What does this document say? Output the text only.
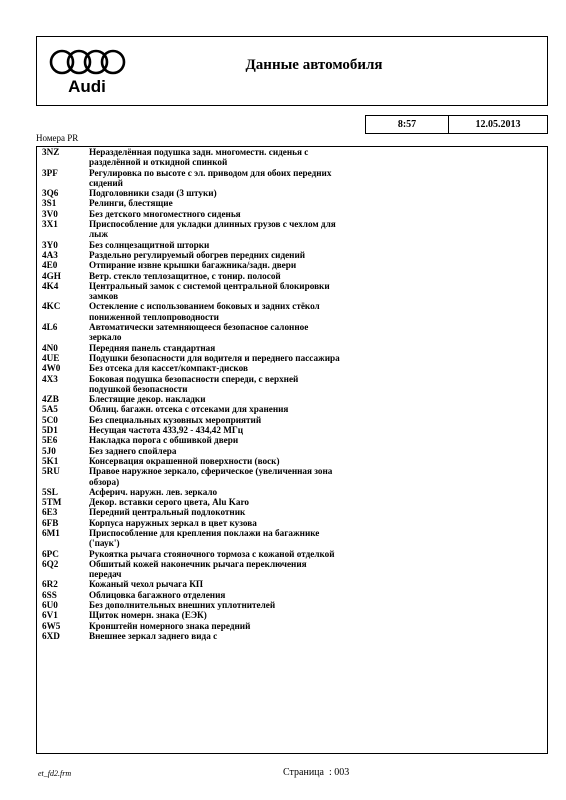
Audi
Данные автомобиля
8:57	12.05.2013
Номера PR
3NZ	Неразделённая подушка задн. многоместн. сиденья с разделённой и откидной спинкой
3PF	Регулировка по высоте с эл. приводом для обоих передних сидений
3Q6	Подголовники сзади (3 штуки)
3S1	Релинги, блестящие
3V0	Без детского многоместного сиденья
3X1	Приспособление для укладки длинных грузов с чехлом для лыж
3Y0	Без солнцезащитной шторки
4A3	Раздельно регулируемый обогрев передних сидений
4E0	Отпирание извне крышки багажника/задн. двери
4GH	Ветр. стекло теплозащитное, с тонир. полосой
4K4	Центральный замок с системой центральной блокировки замков
4KC	Остекление с использованием боковых и задних стёкол пониженной теплопроводности
4L6	Автоматически затемняющееся безопасное салонное зеркало
4N0	Передняя панель стандартная
4UE	Подушки безопасности для водителя и переднего пассажира
4W0	Без отсека для кассет/компакт-дисков
4X3	Боковая подушка безопасности спереди, с верхней подушкой безопасности
4ZB	Блестящие декор. накладки
5A5	Облиц. багажн. отсека с отсеками для хранения
5C0	Без специальных кузовных мероприятий
5D1	Несущая частота 433,92 - 434,42 МГц
5E6	Накладка порога с обшивкой двери
5J0	Без заднего спойлера
5K1	Консервация окрашенной поверхности (воск)
5RU	Правое наружное зеркало, сферическое (увеличенная зона обзора)
5SL	Асферич. наружн. лев. зеркало
5TM	Декор. вставки серого цвета, Alu Karo
6E3	Передний центральный подлокотник
6FB	Корпуса наружных зеркал в цвет кузова
6M1	Приспособление для крепления поклажи на багажнике ('паук')
6PC	Рукоятка рычага стояночного тормоза с кожаной отделкой
6Q2	Обшитый кожей наконечник рычага переключения передач
6R2	Кожаный чехол рычага КП
6SS	Облицовка багажного отделения
6U0	Без дополнительных внешних уплотнителей
6V1	Щиток номерн. знака (ЕЭК)
6W5	Кронштейн номерного знака передний
6XD	Внешнее зеркал заднего вида с
et_fd2.frm	Страница : 003
